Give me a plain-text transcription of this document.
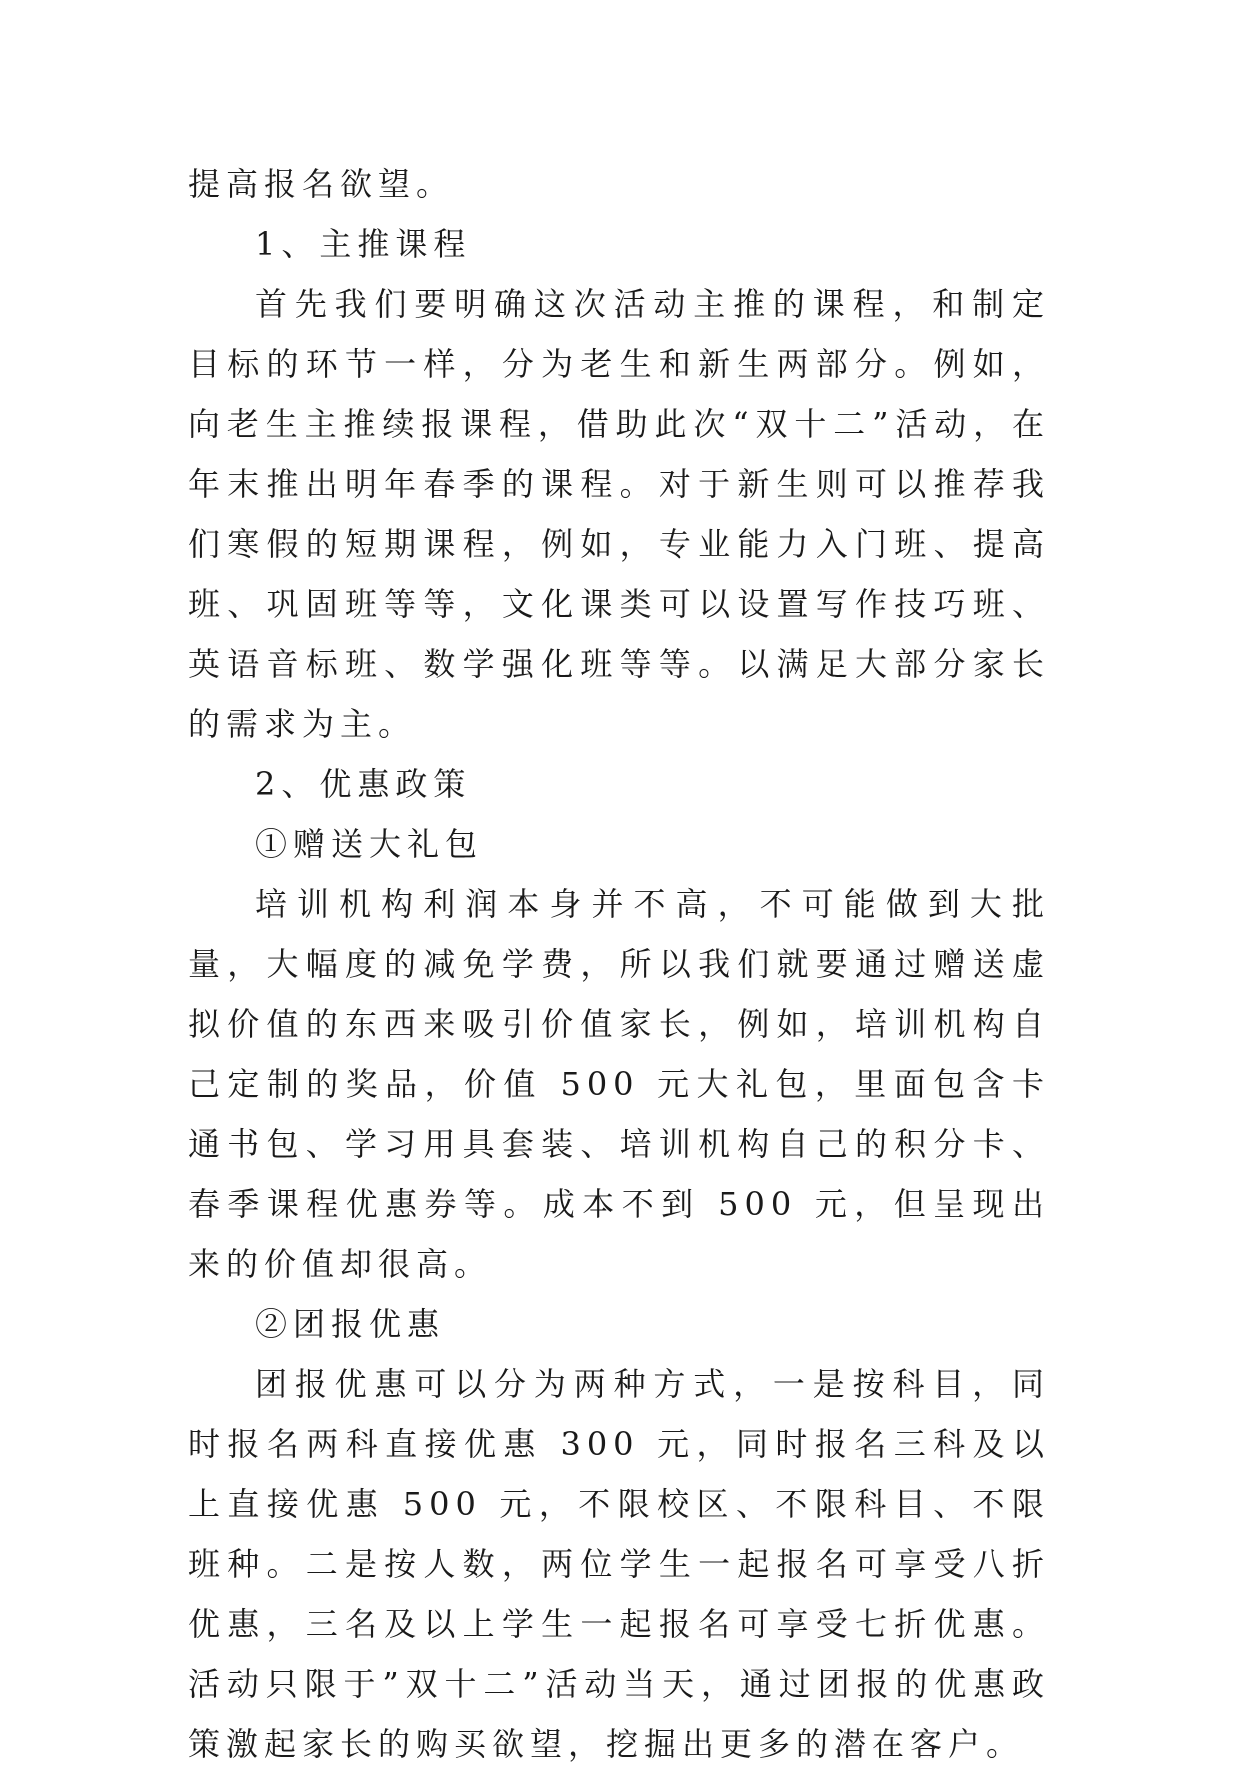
提高报名欲望。

1、主推课程

首先我们要明确这次活动主推的课程，和制定目标的环节一样，分为老生和新生两部分。例如，向老生主推续报课程，借助此次“双十二”活动，在年末推出明年春季的课程。对于新生则可以推荐我们寒假的短期课程，例如，专业能力入门班、提高班、巩固班等等，文化课类可以设置写作技巧班、英语音标班、数学强化班等等。以满足大部分家长的需求为主。

2、优惠政策

①赠送大礼包

培训机构利润本身并不高，不可能做到大批量，大幅度的减免学费，所以我们就要通过赠送虚拟价值的东西来吸引价值家长，例如，培训机构自己定制的奖品，价值 500 元大礼包，里面包含卡通书包、学习用具套装、培训机构自己的积分卡、春季课程优惠券等。成本不到 500 元，但呈现出来的价值却很高。

②团报优惠

团报优惠可以分为两种方式，一是按科目，同时报名两科直接优惠 300 元，同时报名三科及以上直接优惠 500 元，不限校区、不限科目、不限班种。二是按人数，两位学生一起报名可享受八折优惠，三名及以上学生一起报名可享受七折优惠。活动只限于”双十二”活动当天，通过团报的优惠政策激起家长的购买欲望，挖掘出更多的潜在客户。
